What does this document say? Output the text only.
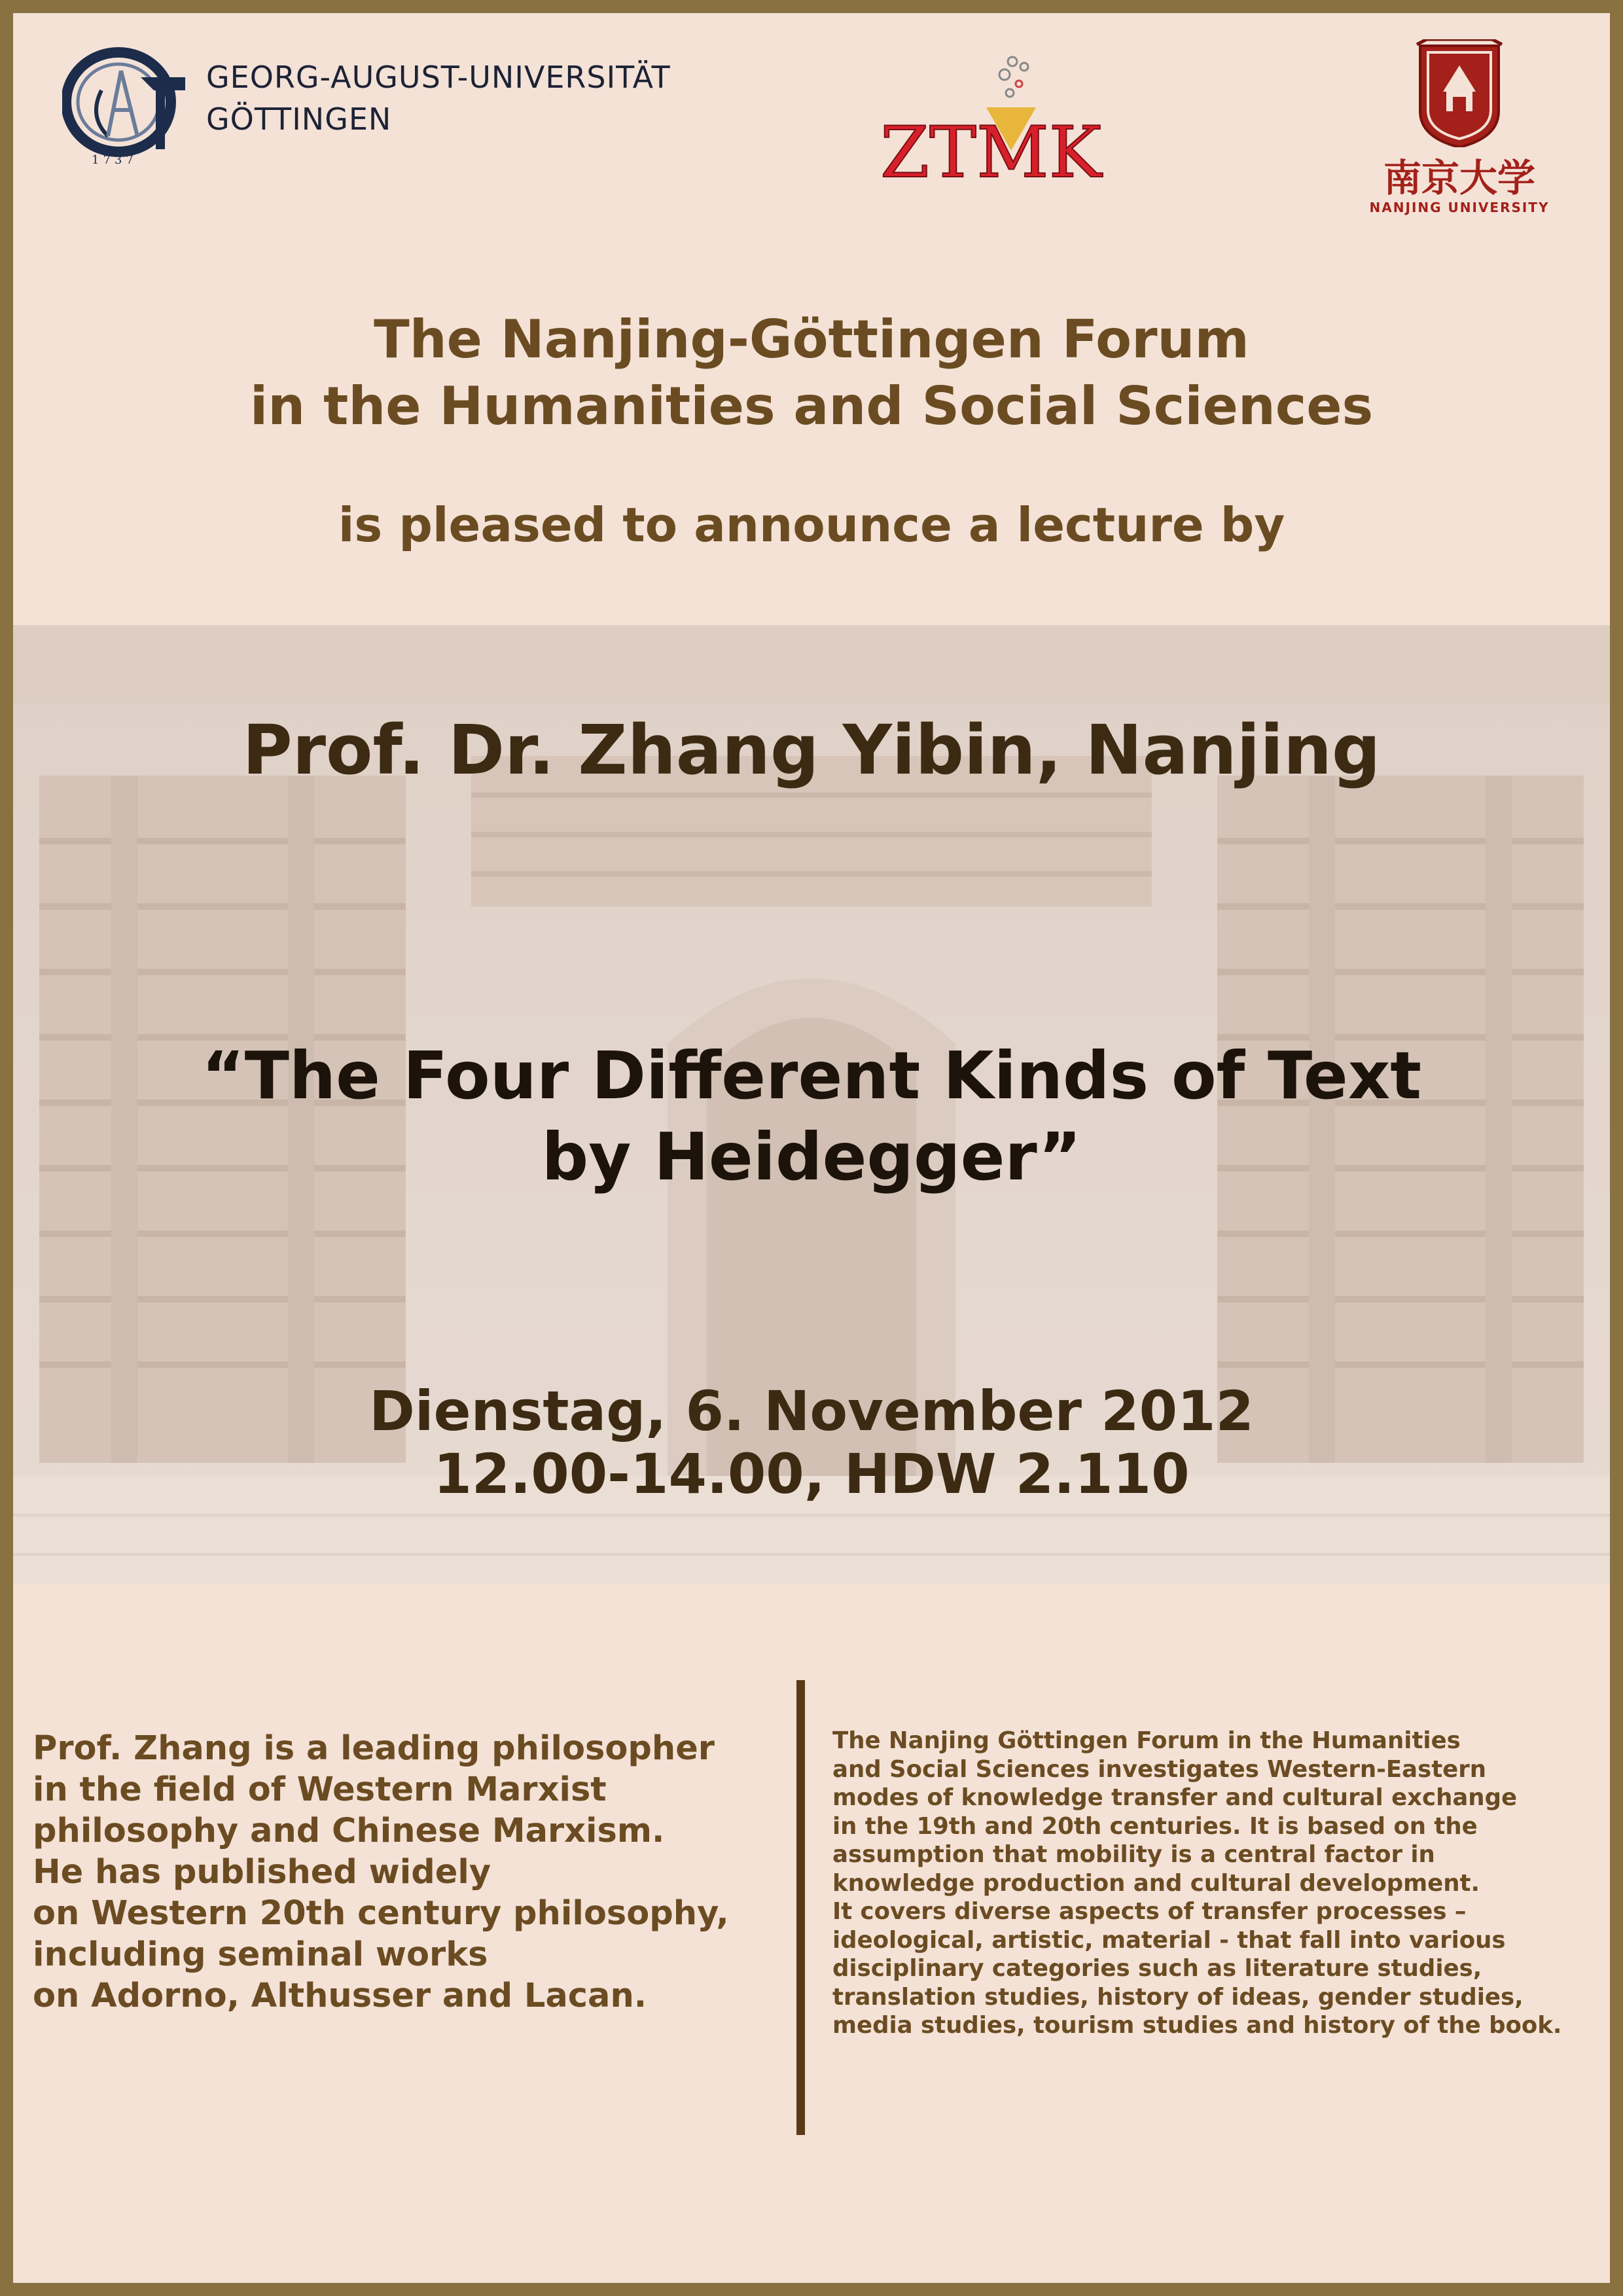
1737
GEORG-AUGUST-UNIVERSITÄT
GÖTTINGEN	ZTMK	南京大学
NANJING UNIVERSITY
The Nanjing-Göttingen Forum
in the Humanities and Social Sciences
is pleased to announce a lecture by
Prof. Dr. Zhang Yibin, Nanjing
“The Four Different Kinds of Text
by Heidegger”
Dienstag, 6. November 2012
12.00-14.00, HDW 2.110
Prof. Zhang is a leading philosopher
in the field of Western Marxist
philosophy and Chinese Marxism.
He has published widely
on Western 20th century philosophy,
including seminal works
on Adorno, Althusser and Lacan.
The Nanjing Göttingen Forum in the Humanities
and Social Sciences investigates Western-Eastern
modes of knowledge transfer and cultural exchange
in the 19th and 20th centuries. It is based on the
assumption that mobility is a central factor in
knowledge production and cultural development.
It covers diverse aspects of transfer processes –
ideological, artistic, material - that fall into various
disciplinary categories such as literature studies,
translation studies, history of ideas, gender studies,
media studies, tourism studies and history of the book.
